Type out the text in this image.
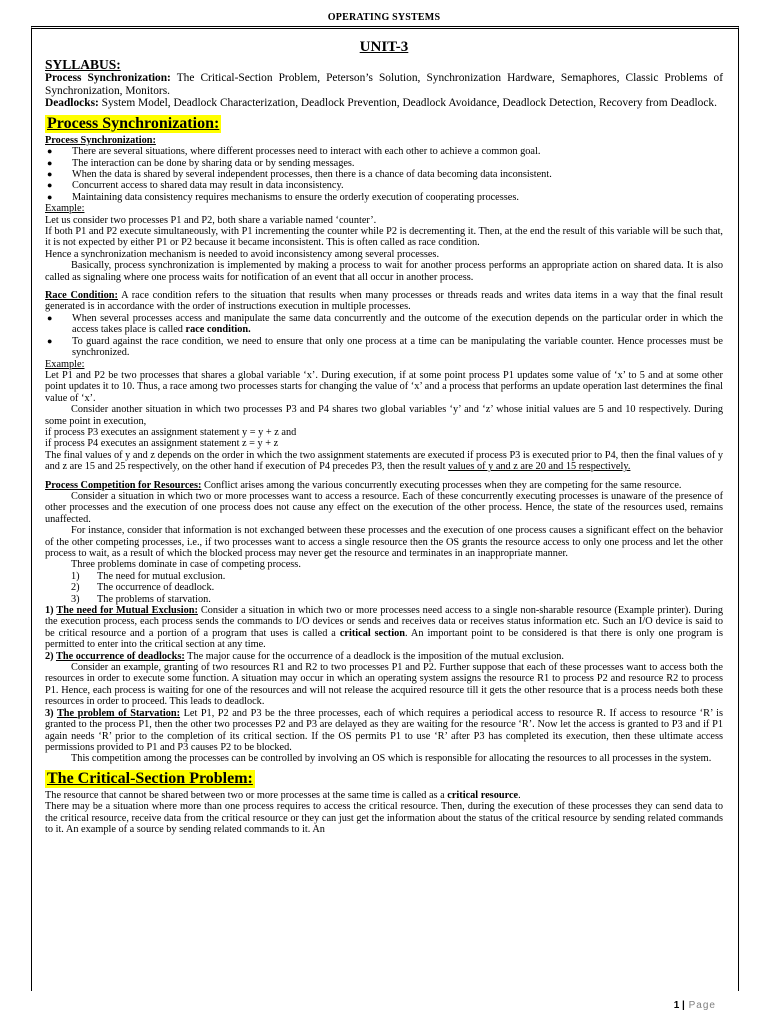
OPERATING SYSTEMS
UNIT-3
SYLLABUS:

Process Synchronization: The Critical-Section Problem, Peterson’s Solution, Synchronization Hardware, Semaphores, Classic Problems of Synchronization, Monitors.

Deadlocks: System Model, Deadlock Characterization, Deadlock Prevention, Deadlock Avoidance, Deadlock Detection, Recovery from Deadlock.

Process Synchronization:

Process Synchronization:

● There are several situations, where different processes need to interact with each other to achieve a common goal.
● The interaction can be done by sharing data or by sending messages.
● When the data is shared by several independent processes, then there is a chance of data becoming data inconsistent.
● Concurrent access to shared data may result in data inconsistency.
● Maintaining data consistency requires mechanisms to ensure the orderly execution of cooperating processes.

Example:

Let us consider two processes P1 and P2, both share a variable named ‘counter’.

If both P1 and P2 execute simultaneously, with P1 incrementing the counter while P2 is decrementing it. Then, at the end the result of this variable will be such that, it is not expected by either P1 or P2 because it became inconsistent. This is often called as race condition.

Hence a synchronization mechanism is needed to avoid inconsistency among several processes.

Basically, process synchronization is implemented by making a process to wait for another process performs an appropriate action on shared data. It is also called as signaling where one process waits for notification of an event that all occur in another process.

Race Condition: A race condition refers to the situation that results when many processes or threads reads and writes data items in a way that the final result generated is in accordance with the order of instructions execution in multiple processes.

● When several processes access and manipulate the same data concurrently and the outcome of the execution depends on the particular order in which the access takes place is called race condition.
● To guard against the race condition, we need to ensure that only one process at a time can be manipulating the variable counter. Hence processes must be synchronized.

Example:

Let P1 and P2 be two processes that shares a global variable ‘x’. During execution, if at some point process P1 updates some value of ‘x’ to 5 and at some other point updates it to 10. Thus, a race among two processes starts for changing the value of ‘x’ and a process that performs an update operation last determines the final value of ‘x’.

Consider another situation in which two processes P3 and P4 shares two global variables ‘y’ and ‘z’ whose initial values are 5 and 10 respectively. During some point in execution,

if process P3 executes an assignment statement y = y + z and

if process P4 executes an assignment statement z = y + z

The final values of y and z depends on the order in which the two assignment statements are executed if process P3 is executed prior to P4, then the final values of y and z are 15 and 25 respectively, on the other hand if execution of P4 precedes P3, then the result values of y and z are 20 and 15 respectively.

Process Competition for Resources: Conflict arises among the various concurrently executing processes when they are competing for the same resource.

Consider a situation in which two or more processes want to access a resource. Each of these concurrently executing processes is unaware of the presence of other processes and the execution of one process does not cause any effect on the execution of the other process. Hence, the state of the resources used, remains unaffected.

For instance, consider that information is not exchanged between these processes and the execution of one process causes a significant effect on the behavior of the other competing processes, i.e., if two processes want to access a single resource then the OS grants the resource access to only one process and let the other process to wait, as a result of which the blocked process may never get the resource and terminates in an inappropriate manner.

Three problems dominate in case of competing process.

1) The need for mutual exclusion.
2) The occurrence of deadlock.
3) The problems of starvation.

1) The need for Mutual Exclusion: Consider a situation in which two or more processes need access to a single non-sharable resource (Example printer). During the execution process, each process sends the commands to I/O devices or sends and receives data or receives status information etc. Such an I/O device is said to be critical resource and a portion of a program that uses is called a critical section. An important point to be considered is that there is only one program is permitted to enter into the critical section at any time.

2) The occurrence of deadlocks: The major cause for the occurrence of a deadlock is the imposition of the mutual exclusion.

Consider an example, granting of two resources R1 and R2 to two processes P1 and P2. Further suppose that each of these processes want to access both the resources in order to execute some function. A situation may occur in which an operating system assigns the resource R1 to process P2 and resource R2 to process P1. Hence, each process is waiting for one of the resources and will not release the acquired resource till it gets the other resource that is a process needs both these resources in order to proceed. This leads to deadlock.

3) The problem of Starvation: Let P1, P2 and P3 be the three processes, each of which requires a periodical access to resource R. If access to resource ‘R’ is granted to the process P1, then the other two processes P2 and P3 are delayed as they are waiting for the resource ‘R’. Now let the access is granted to P3 and if P1 again needs ‘R’ prior to the completion of its critical section. If the OS permits P1 to use ‘R’ after P3 has completed its execution, then these ultimate access permissions provided to P1 and P3 causes P2 to be blocked.

This competition among the processes can be controlled by involving an OS which is responsible for allocating the resources to all processes in the system.

The Critical-Section Problem:

The resource that cannot be shared between two or more processes at the same time is called as a critical resource.

There may be a situation where more than one process requires to access the critical resource. Then, during the execution of these processes they can send data to the critical resource, receive data from the critical resource or they can just get the information about the status of the critical resource by sending related commands to it. An example of a source by sending related commands to it. An

1 | Page
